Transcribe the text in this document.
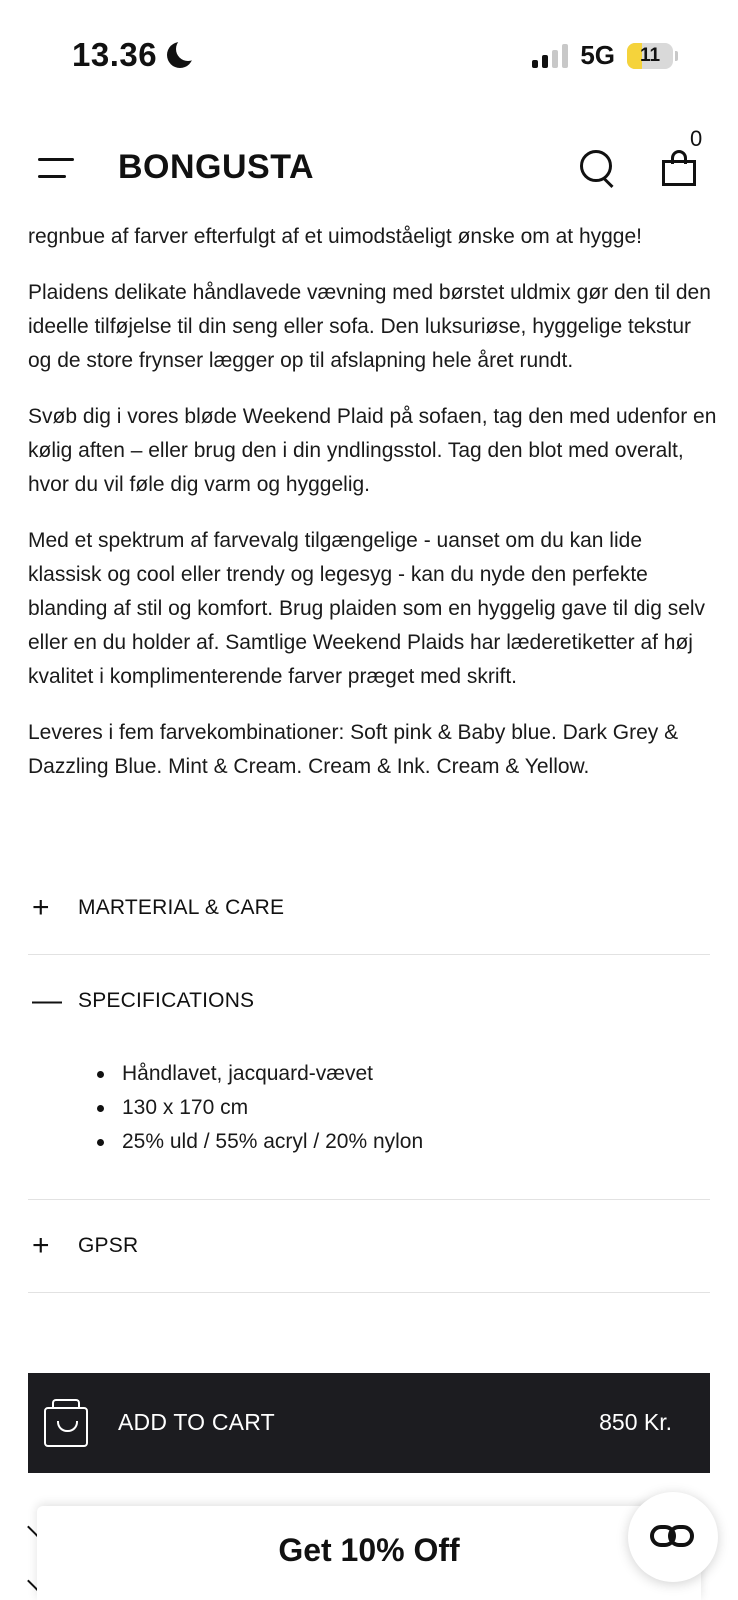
13.36	5G	11
BONGUSTA
0

regnbue af farver efterfulgt af et uimodståeligt ønske om at hygge!

Plaidens delikate håndlavede vævning med børstet uldmix gør den til den ideelle tilføjelse til din seng eller sofa. Den luksuriøse, hyggelige tekstur og de store frynser lægger op til afslapning hele året rundt.

Svøb dig i vores bløde Weekend Plaid på sofaen, tag den med udenfor en kølig aften – eller brug den i din yndlingsstol. Tag den blot med overalt, hvor du vil føle dig varm og hyggelig.

Med et spektrum af farvevalg tilgængelige - uanset om du kan lide klassisk og cool eller trendy og legesyg - kan du nyde den perfekte blanding af stil og komfort. Brug plaiden som en hyggelig gave til dig selv eller en du holder af. Samtlige Weekend Plaids har læderetiketter af høj kvalitet i komplimenterende farver præget med skrift.

Leveres i fem farvekombinationer: Soft pink & Baby blue. Dark Grey & Dazzling Blue. Mint & Cream. Cream & Ink. Cream & Yellow.

+	MARTERIAL & CARE
— SPECIFICATIONS
Håndlavet, jacquard-vævet
130 x 170 cm
25% uld / 55% acryl / 20% nylon
+	GPSR
ADD TO CART	850 Kr.
Get 10% Off
